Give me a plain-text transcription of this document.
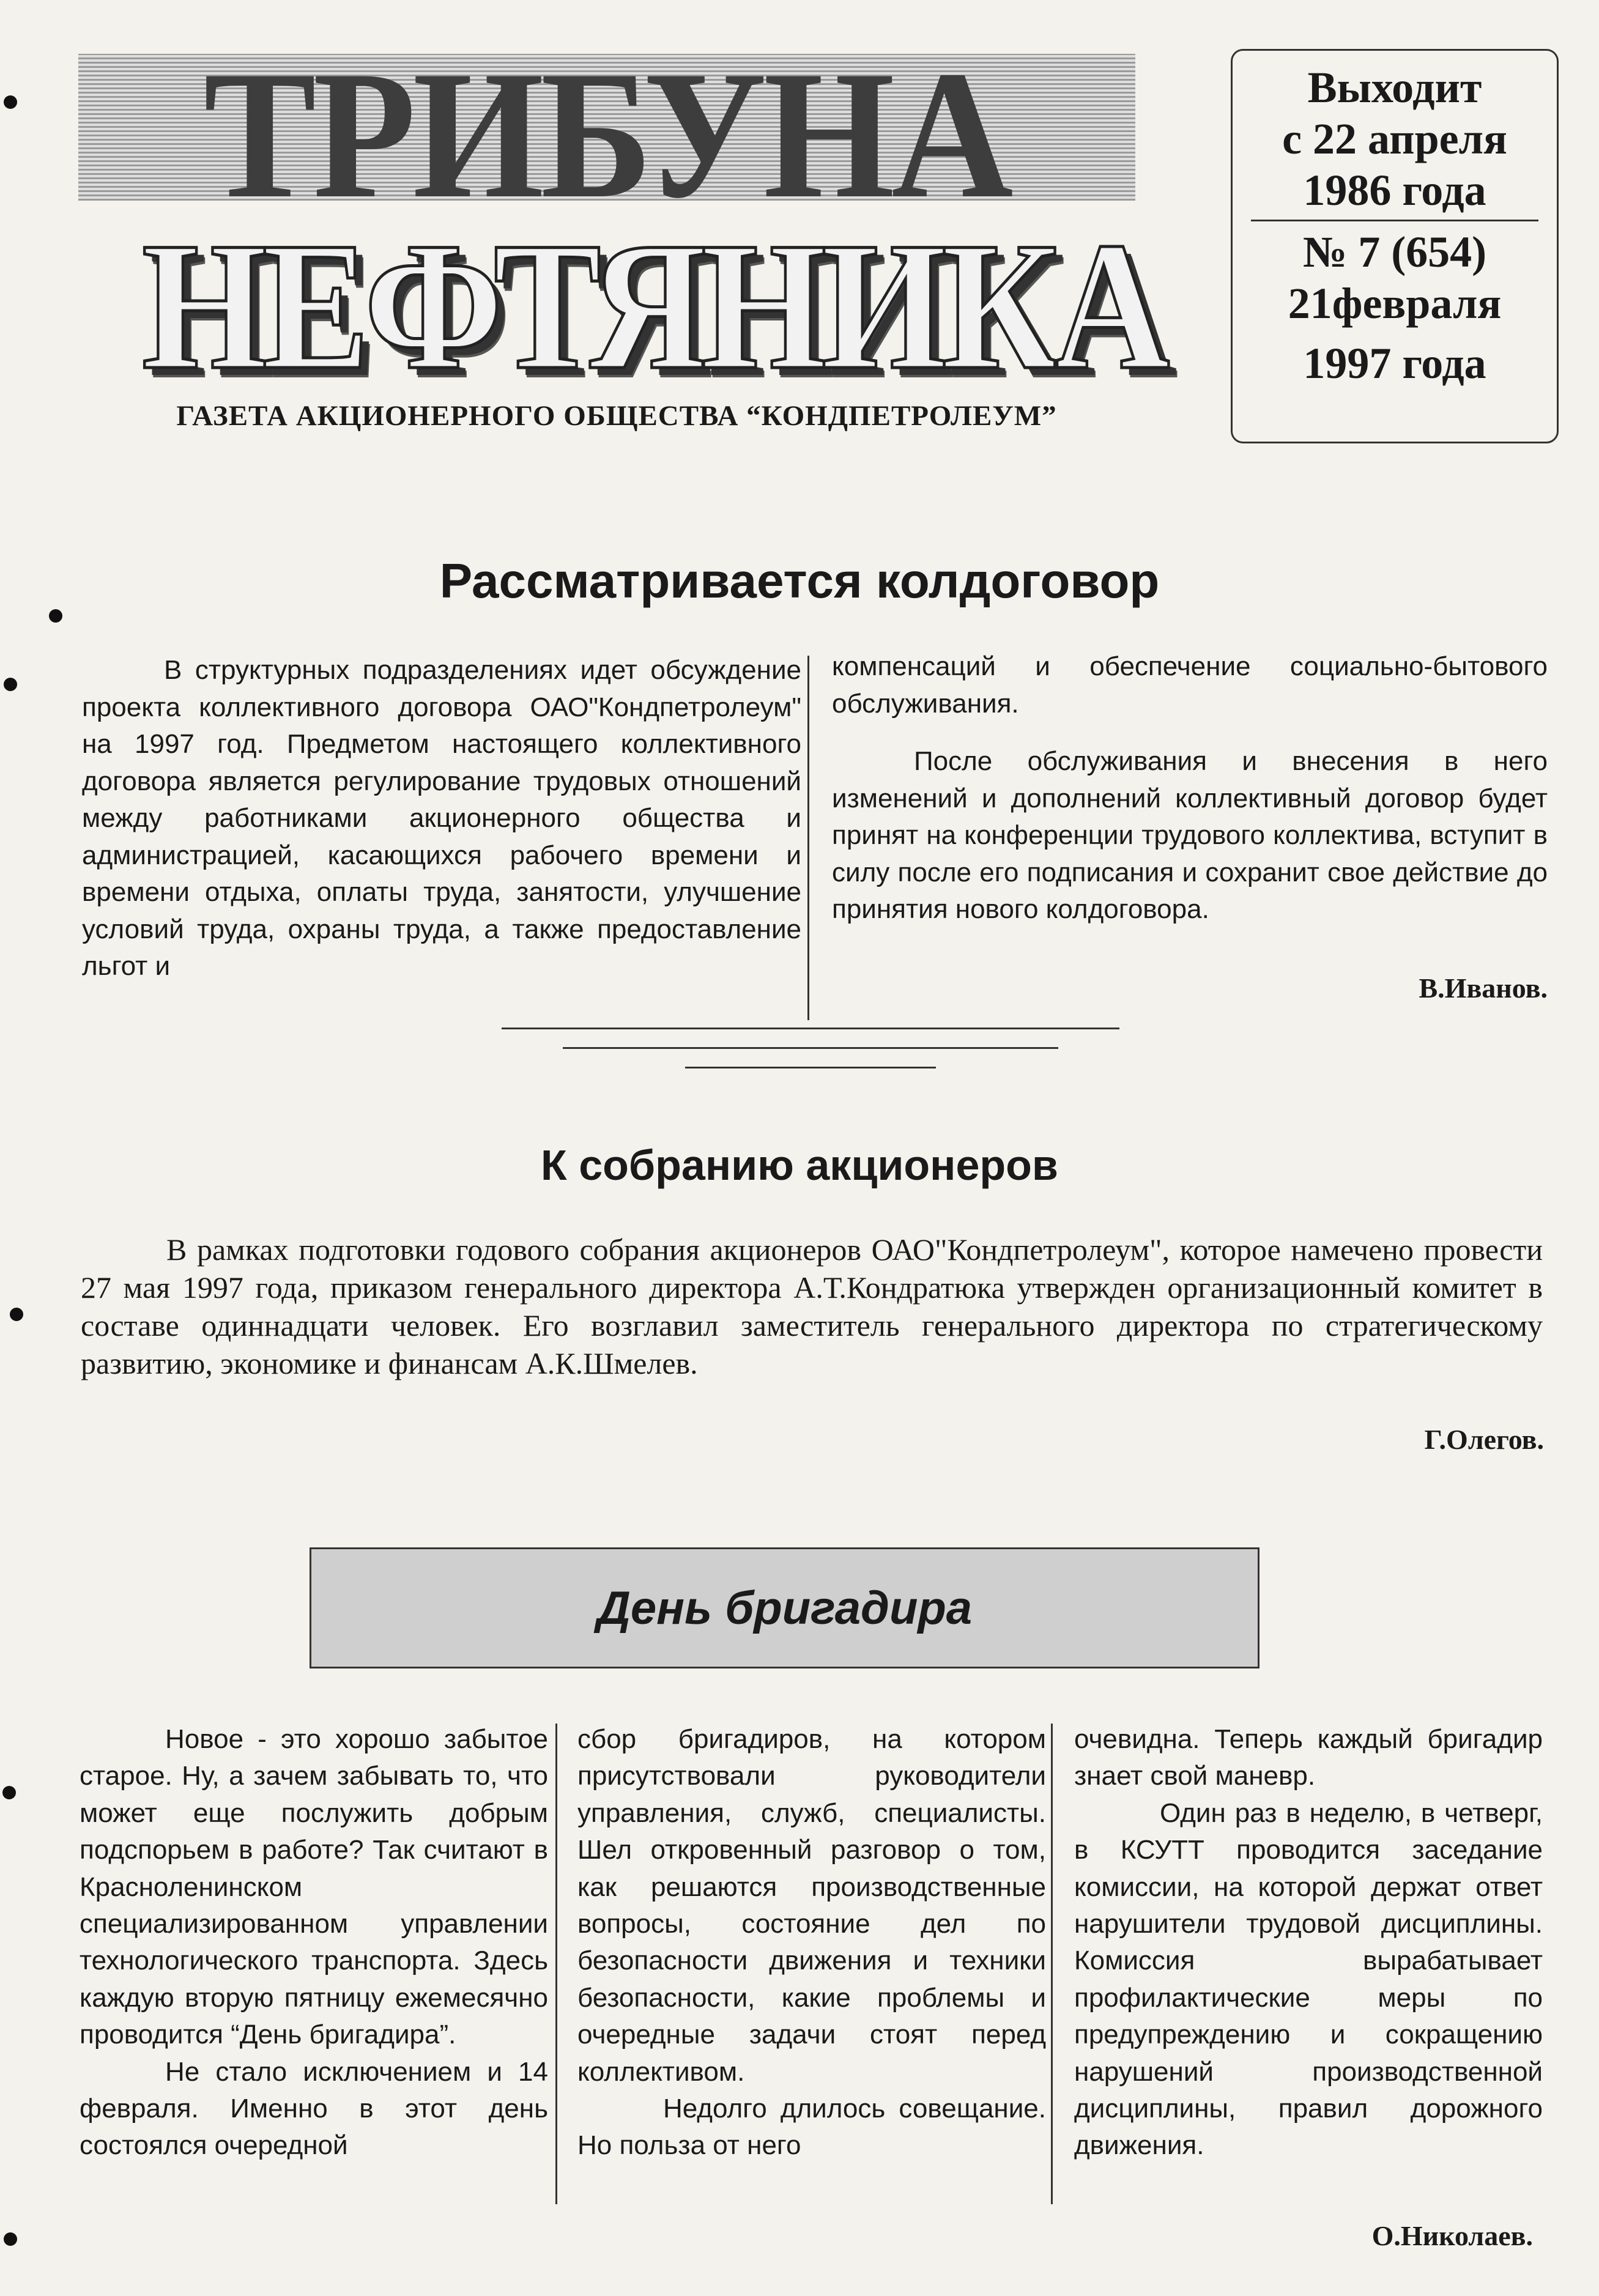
ТРИБУНА
НЕФТЯНИКА
ГАЗЕТА АКЦИОНЕРНОГО ОБЩЕСТВА “КОНДПЕТРОЛЕУМ”
Выходит
с 22 апреля
1986 года
№ 7 (654)
21февраля
1997 года
Рассматривается колдоговор

В структурных подразделениях идет обсуждение проекта коллективного договора ОАО"Кондпетролеум" на 1997 год. Предметом настоящего коллективного договора является регулирование трудовых отношений между работниками акционерного общества и администрацией, касающихся рабочего времени и времени отдыха, оплаты труда, занятости, улучшение условий труда, охраны труда, а также предоставление льгот и

компенсаций и обеспечение социально-бытового обслуживания.

После обслуживания и внесения в него изменений и дополнений коллективный договор будет принят на конференции трудового коллектива, вступит в силу после его подписания и сохранит свое действие до принятия нового колдоговора.

В.Иванов.
К собранию акционеров

В рамках подготовки годового собрания акционеров ОАО"Кондпетролеум", которое намечено провести 27 мая 1997 года, приказом генерального директора А.Т.Кондратюка утвержден организационный комитет в составе одиннадцати человек. Его возглавил заместитель генерального директора по стратегическому развитию, экономике и финансам А.К.Шмелев.

Г.Олегов.
День бригадира

Новое - это хорошо забытое старое. Ну, а зачем забывать то, что может еще послужить добрым подспорьем в работе? Так считают в Красноленинском специализированном управлении технологического транспорта. Здесь каждую вторую пятницу ежемесячно проводится “День бригадира”.

Не стало исключением и 14 февраля. Именно в этот день состоялся очередной

сбор бригадиров, на котором присутствовали руководители управления, служб, специалисты. Шел откровенный разговор о том, как решаются производственные вопросы, состояние дел по безопасности движения и техники безопасности, какие проблемы и очередные задачи стоят перед коллективом.

Недолго длилось совещание. Но польза от него

очевидна. Теперь каждый бригадир знает свой маневр.

Один раз в неделю, в четверг, в КСУТТ проводится заседание комиссии, на которой держат ответ нарушители трудовой дисциплины. Комиссия вырабатывает профилактические меры по предупреждению и сокращению нарушений производственной дисциплины, правил дорожного движения.

О.Николаев.
